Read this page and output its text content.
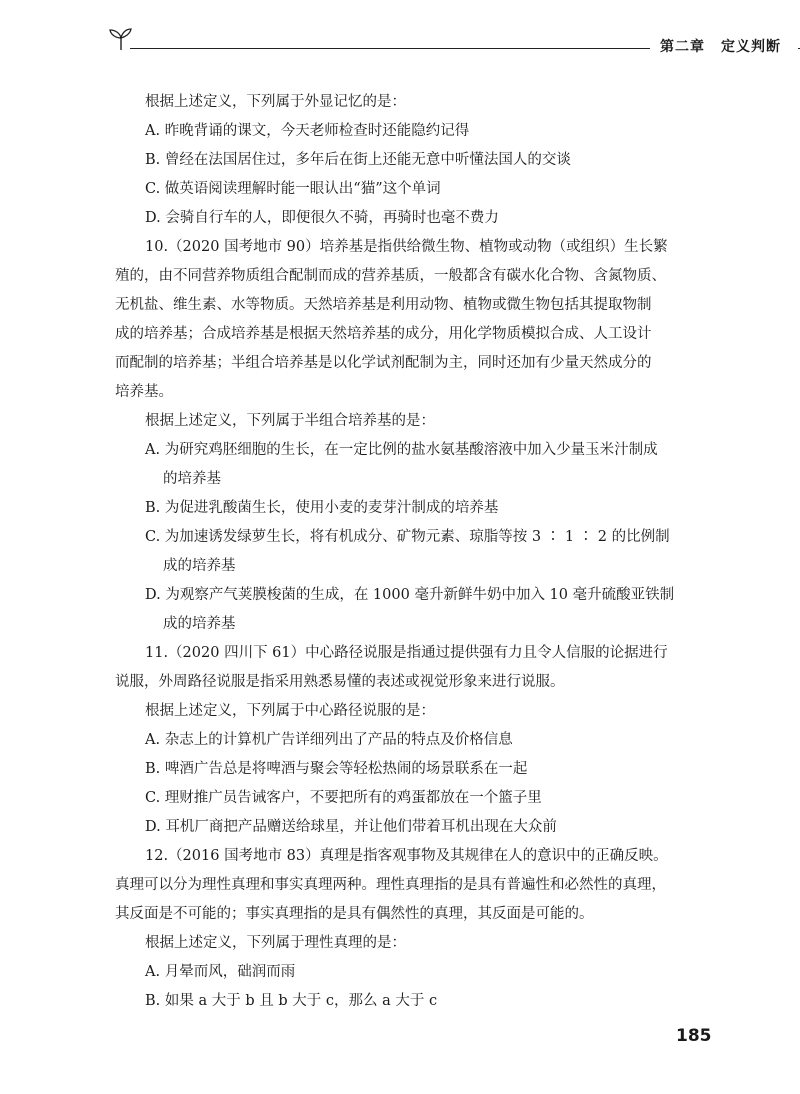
第二章 定义判断
根据上述定义，下列属于外显记忆的是：
A. 昨晚背诵的课文，今天老师检查时还能隐约记得
B. 曾经在法国居住过，多年后在街上还能无意中听懂法国人的交谈
C. 做英语阅读理解时能一眼认出“猫”这个单词
D. 会骑自行车的人，即便很久不骑，再骑时也毫不费力
10.（2020 国考地市 90）培养基是指供给微生物、植物或动物（或组织）生长繁
殖的，由不同营养物质组合配制而成的营养基质，一般都含有碳水化合物、含氮物质、
无机盐、维生素、水等物质。天然培养基是利用动物、植物或微生物包括其提取物制
成的培养基；合成培养基是根据天然培养基的成分，用化学物质模拟合成、人工设计
而配制的培养基；半组合培养基是以化学试剂配制为主，同时还加有少量天然成分的
培养基。
根据上述定义，下列属于半组合培养基的是：
A. 为研究鸡胚细胞的生长，在一定比例的盐水氨基酸溶液中加入少量玉米汁制成
的培养基
B. 为促进乳酸菌生长，使用小麦的麦芽汁制成的培养基
C. 为加速诱发绿萝生长，将有机成分、矿物元素、琼脂等按 3 ∶ 1 ∶ 2 的比例制
成的培养基
D. 为观察产气荚膜梭菌的生成，在 1000 毫升新鲜牛奶中加入 10 毫升硫酸亚铁制
成的培养基
11.（2020 四川下 61）中心路径说服是指通过提供强有力且令人信服的论据进行
说服，外周路径说服是指采用熟悉易懂的表述或视觉形象来进行说服。
根据上述定义，下列属于中心路径说服的是：
A. 杂志上的计算机广告详细列出了产品的特点及价格信息
B. 啤酒广告总是将啤酒与聚会等轻松热闹的场景联系在一起
C. 理财推广员告诫客户，不要把所有的鸡蛋都放在一个篮子里
D. 耳机厂商把产品赠送给球星，并让他们带着耳机出现在大众前
12.（2016 国考地市 83）真理是指客观事物及其规律在人的意识中的正确反映。
真理可以分为理性真理和事实真理两种。理性真理指的是具有普遍性和必然性的真理，
其反面是不可能的；事实真理指的是具有偶然性的真理，其反面是可能的。
根据上述定义，下列属于理性真理的是：
A. 月晕而风，础润而雨
B. 如果 a 大于 b 且 b 大于 c，那么 a 大于 c
185
